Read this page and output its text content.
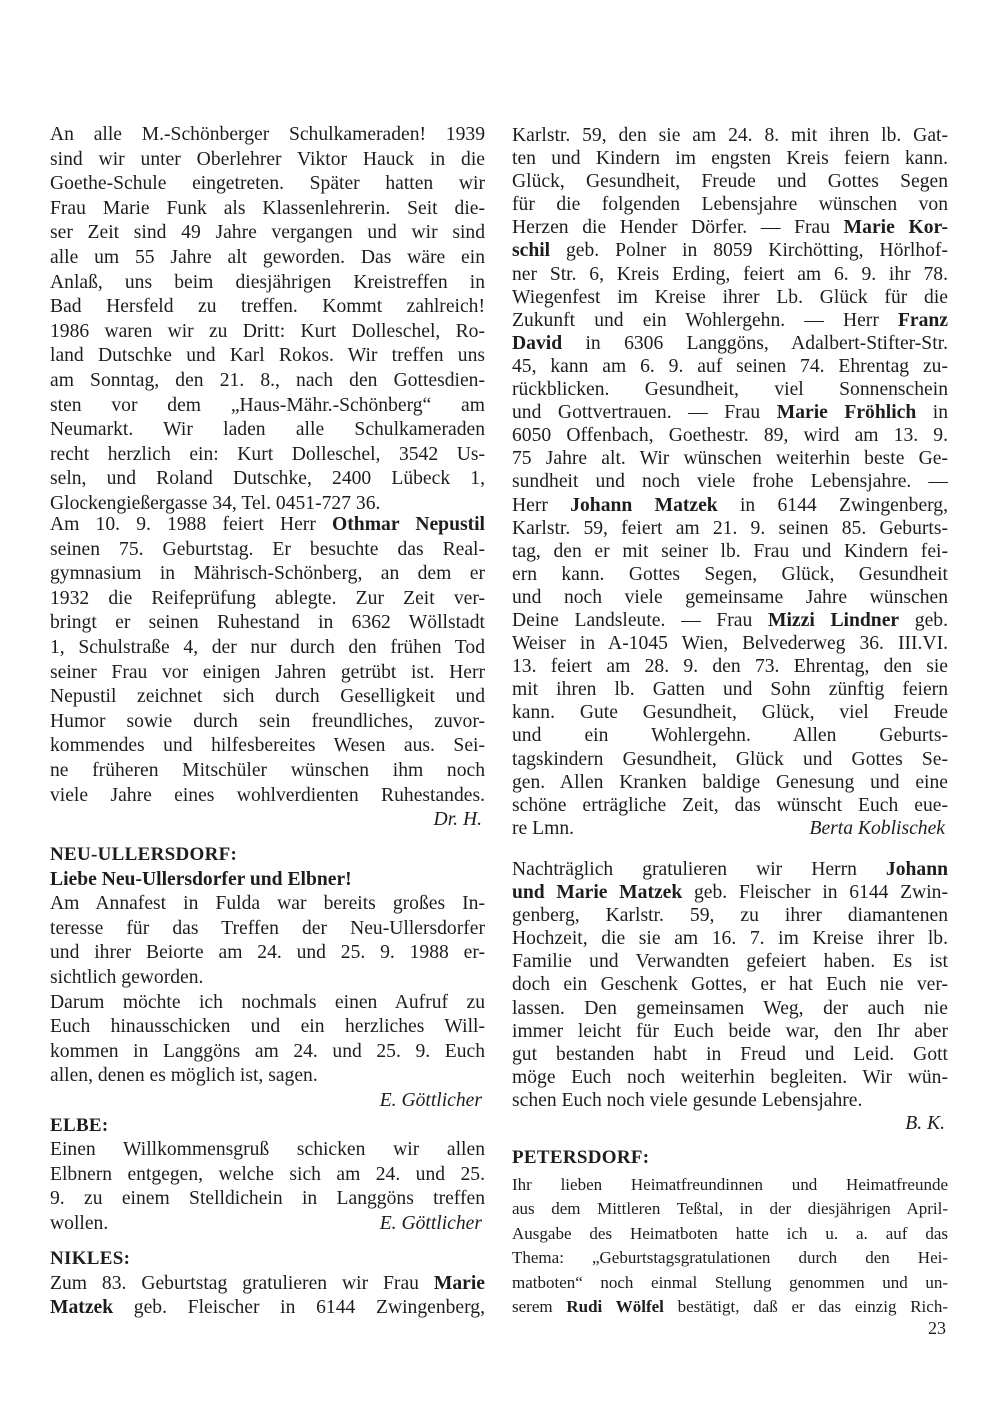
An alle M.-Schönberger Schulkameraden! 1939
sind wir unter Oberlehrer Viktor Hauck in die
Goethe-Schule eingetreten. Später hatten wir
Frau Marie Funk als Klassenlehrerin. Seit die-
ser Zeit sind 49 Jahre vergangen und wir sind
alle um 55 Jahre alt geworden. Das wäre ein
Anlaß, uns beim diesjährigen Kreistreffen in
Bad Hersfeld zu treffen. Kommt zahlreich!
1986 waren wir zu Dritt: Kurt Dolleschel, Ro-
land Dutschke und Karl Rokos. Wir treffen uns
am Sonntag, den 21. 8., nach den Gottesdien-
sten vor dem „Haus-Mähr.-Schönberg“ am
Neumarkt. Wir laden alle Schulkameraden
recht herzlich ein: Kurt Dolleschel, 3542 Us-
seln, und Roland Dutschke, 2400 Lübeck 1,
Glockengießergasse 34, Tel. 0451-727 36.
Am 10. 9. 1988 feiert Herr Othmar Nepustil
seinen 75. Geburtstag. Er besuchte das Real-
gymnasium in Mährisch-Schönberg, an dem er
1932 die Reifeprüfung ablegte. Zur Zeit ver-
bringt er seinen Ruhestand in 6362 Wöllstadt
1, Schulstraße 4, der nur durch den frühen Tod
seiner Frau vor einigen Jahren getrübt ist. Herr
Nepustil zeichnet sich durch Geselligkeit und
Humor sowie durch sein freundliches, zuvor-
kommendes und hilfesbereites Wesen aus. Sei-
ne früheren Mitschüler wünschen ihm noch
viele Jahre eines wohlverdienten Ruhestandes.
Dr. H.
NEU-ULLERSDORF:
Liebe Neu-Ullersdorfer und Elbner!
Am Annafest in Fulda war bereits großes In-
teresse für das Treffen der Neu-Ullersdorfer
und ihrer Beiorte am 24. und 25. 9. 1988 er-
sichtlich geworden.
Darum möchte ich nochmals einen Aufruf zu
Euch hinausschicken und ein herzliches Will-
kommen in Langgöns am 24. und 25. 9. Euch
allen, denen es möglich ist, sagen.
E. Göttlicher
ELBE:
Einen Willkommensgruß schicken wir allen
Elbnern entgegen, welche sich am 24. und 25.
9. zu einem Stelldichein in Langgöns treffen
wollen.	E. Göttlicher
NIKLES:
Zum 83. Geburtstag gratulieren wir Frau Marie
Matzek geb. Fleischer in 6144 Zwingenberg,
Karlstr. 59, den sie am 24. 8. mit ihren lb. Gat-
ten und Kindern im engsten Kreis feiern kann.
Glück, Gesundheit, Freude und Gottes Segen
für die folgenden Lebensjahre wünschen von
Herzen die Hender Dörfer. — Frau Marie Kor-
schil geb. Polner in 8059 Kirchötting, Hörlhof-
ner Str. 6, Kreis Erding, feiert am 6. 9. ihr 78.
Wiegenfest im Kreise ihrer Lb. Glück für die
Zukunft und ein Wohlergehn. — Herr Franz
David in 6306 Langgöns, Adalbert-Stifter-Str.
45, kann am 6. 9. auf seinen 74. Ehrentag zu-
rückblicken. Gesundheit, viel Sonnenschein
und Gottvertrauen. — Frau Marie Fröhlich in
6050 Offenbach, Goethestr. 89, wird am 13. 9.
75 Jahre alt. Wir wünschen weiterhin beste Ge-
sundheit und noch viele frohe Lebensjahre. —
Herr Johann Matzek in 6144 Zwingenberg,
Karlstr. 59, feiert am 21. 9. seinen 85. Geburts-
tag, den er mit seiner lb. Frau und Kindern fei-
ern kann. Gottes Segen, Glück, Gesundheit
und noch viele gemeinsame Jahre wünschen
Deine Landsleute. — Frau Mizzi Lindner geb.
Weiser in A-1045 Wien, Belvederweg 36. III.VI.
13. feiert am 28. 9. den 73. Ehrentag, den sie
mit ihren lb. Gatten und Sohn zünftig feiern
kann. Gute Gesundheit, Glück, viel Freude
und ein Wohlergehn. Allen Geburts-
tagskindern Gesundheit, Glück und Gottes Se-
gen. Allen Kranken baldige Genesung und eine
schöne erträgliche Zeit, das wünscht Euch eue-
re Lmn.	Berta Koblischek
Nachträglich gratulieren wir Herrn Johann
und Marie Matzek geb. Fleischer in 6144 Zwin-
genberg, Karlstr. 59, zu ihrer diamantenen
Hochzeit, die sie am 16. 7. im Kreise ihrer lb.
Familie und Verwandten gefeiert haben. Es ist
doch ein Geschenk Gottes, er hat Euch nie ver-
lassen. Den gemeinsamen Weg, der auch nie
immer leicht für Euch beide war, den Ihr aber
gut bestanden habt in Freud und Leid. Gott
möge Euch noch weiterhin begleiten. Wir wün-
schen Euch noch viele gesunde Lebensjahre.
B. K.
PETERSDORF:
Ihr lieben Heimatfreundinnen und Heimatfreunde
aus dem Mittleren Teßtal, in der diesjährigen April-
Ausgabe des Heimatboten hatte ich u. a. auf das
Thema: „Geburtstagsgratulationen durch den Hei-
matboten“ noch einmal Stellung genommen und un-
serem Rudi Wölfel bestätigt, daß er das einzig Rich-
23
